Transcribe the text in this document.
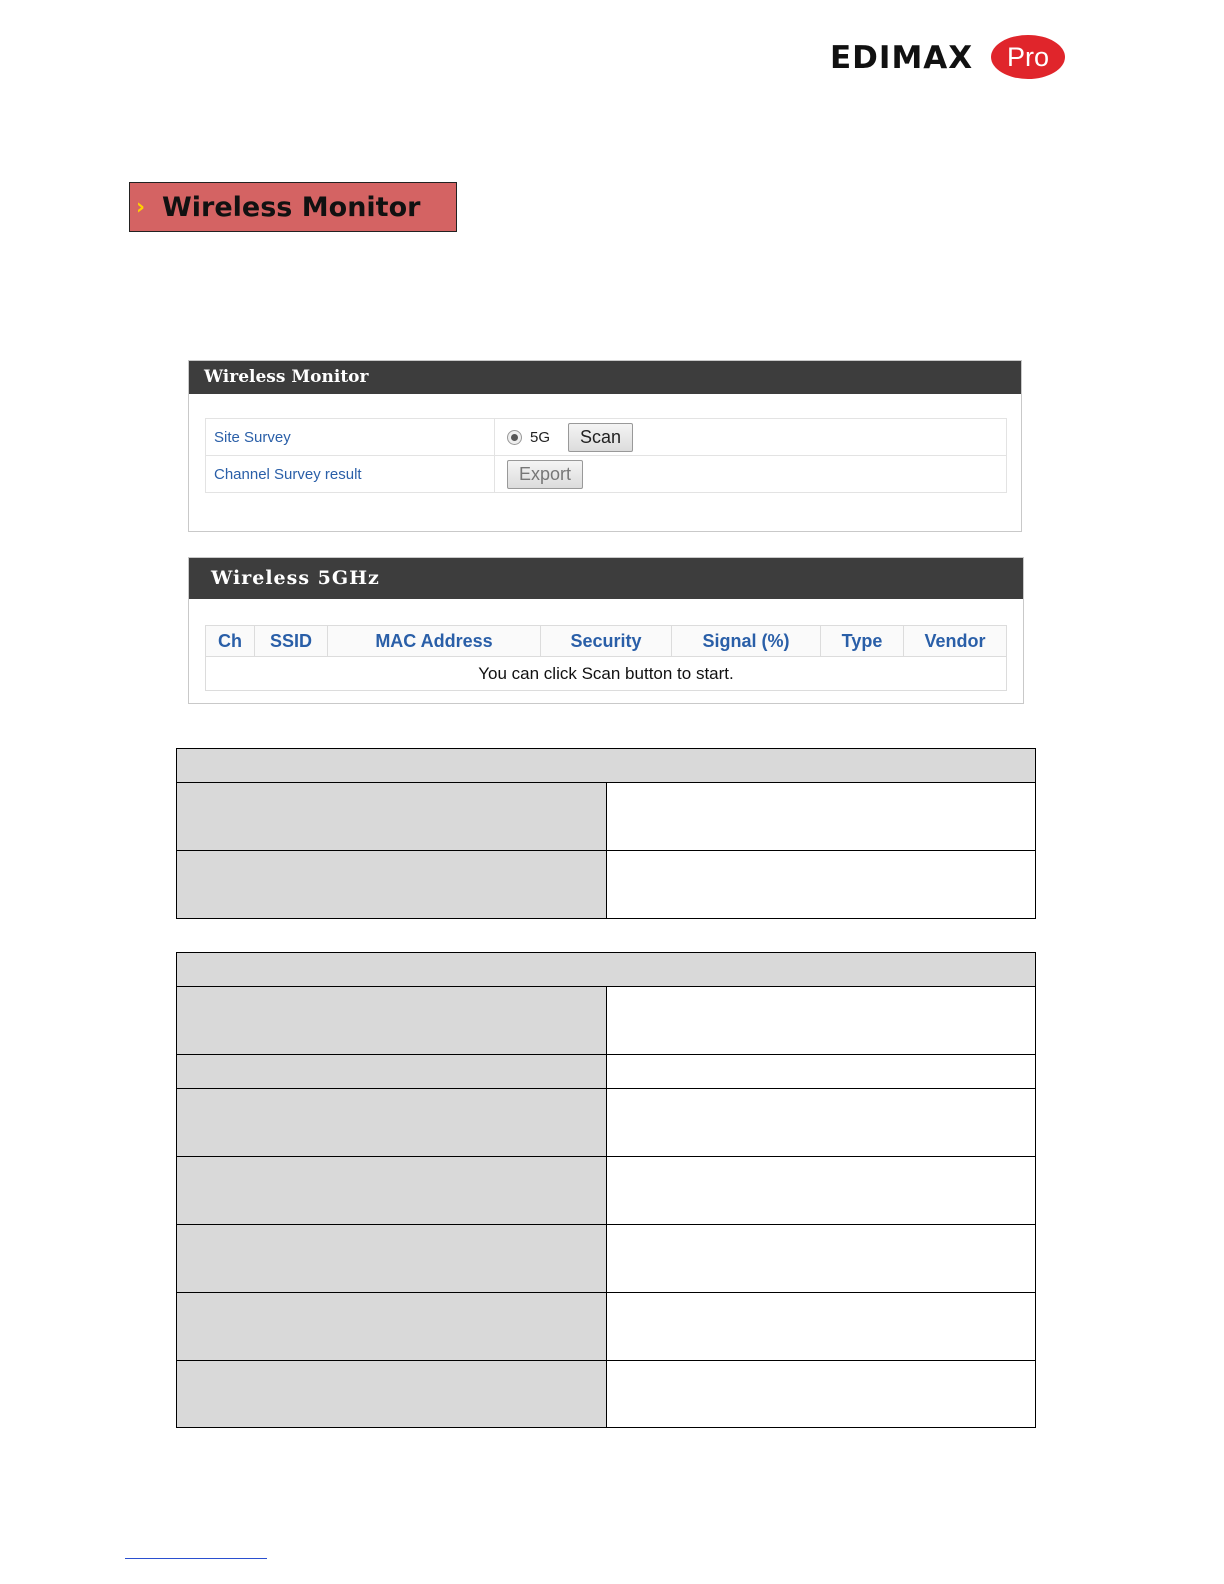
EDIMAX Pro
› Wireless Monitor
Wireless Monitor
Site Survey	5G Scan
Channel Survey result	Export
Wireless 5GHz
Ch	SSID	MAC Address	Security	Signal (%)	Type	Vendor
You can click Scan button to start.
